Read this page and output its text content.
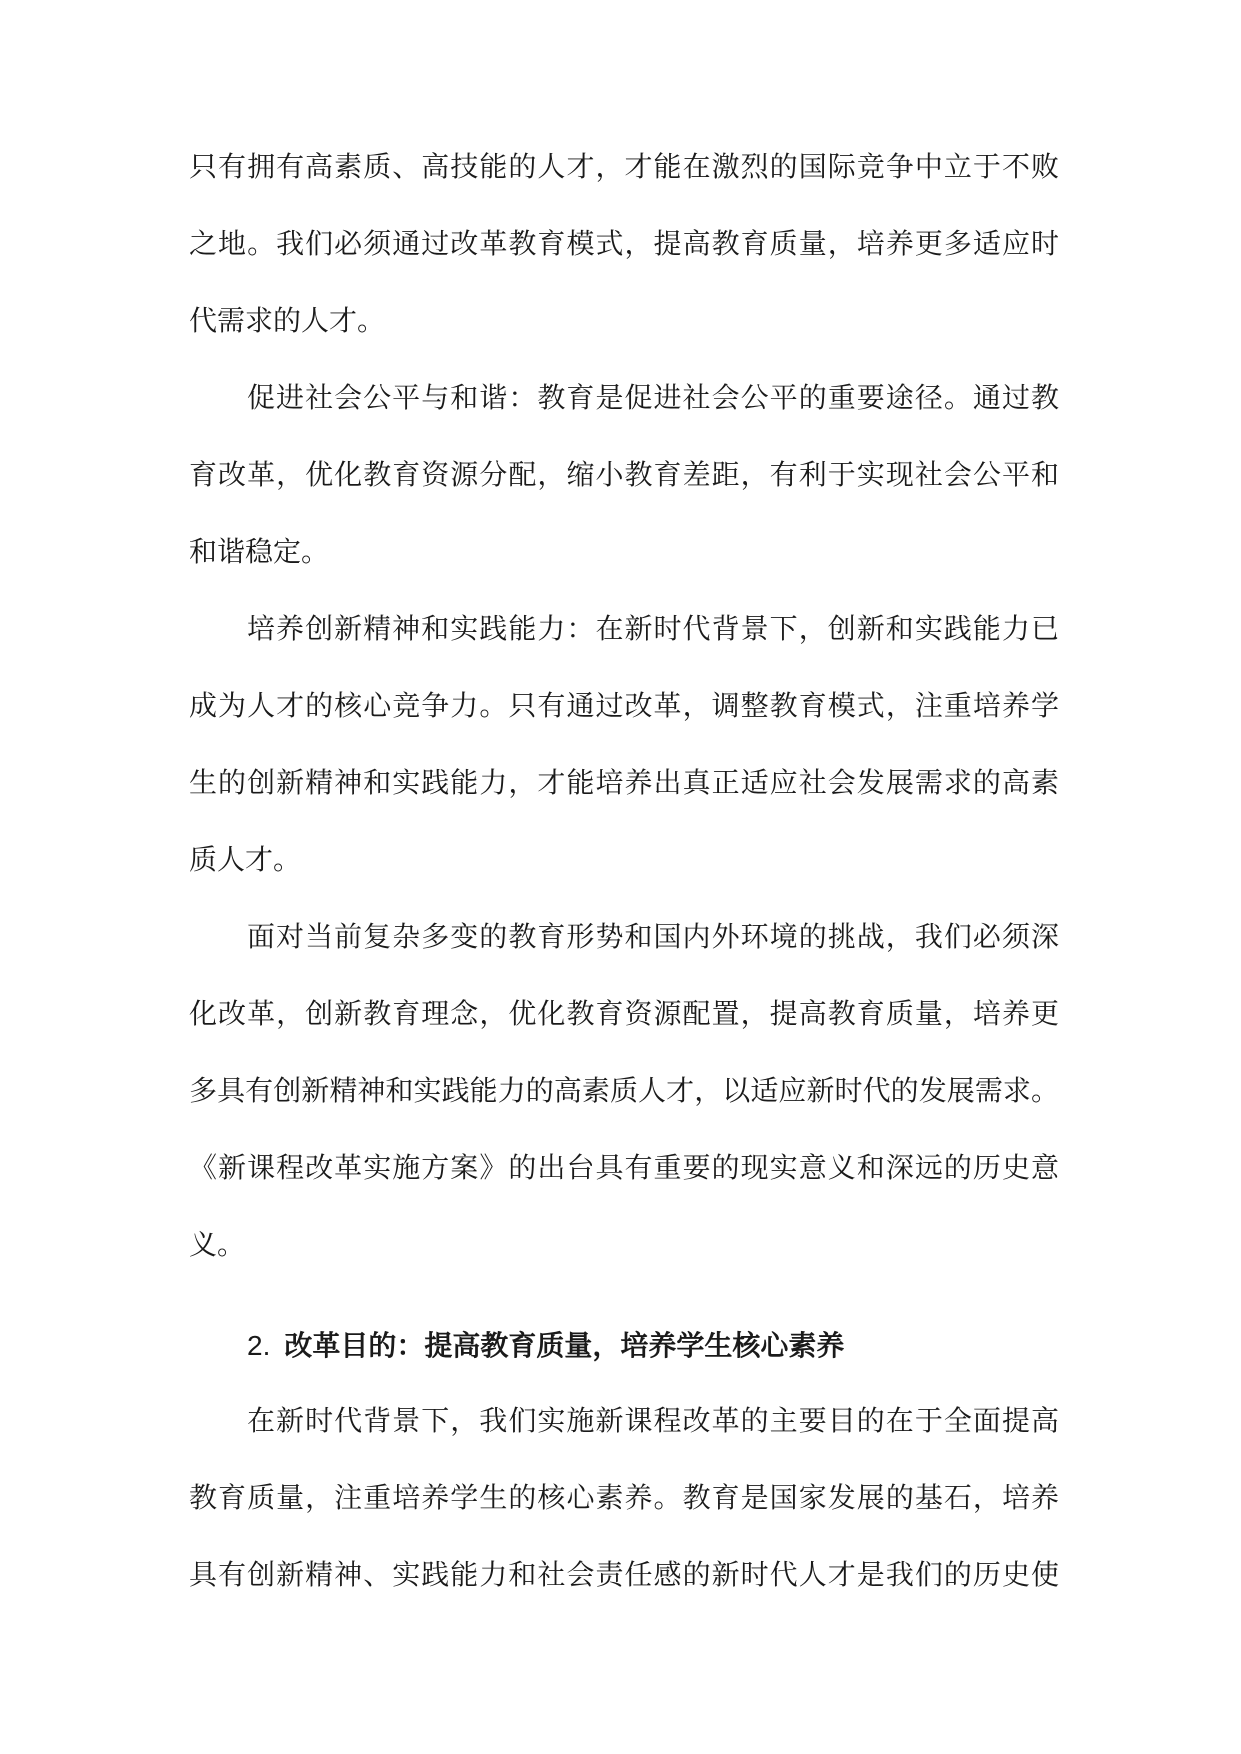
只有拥有高素质、高技能的人才，才能在激烈的国际竞争中立于不败
之地。我们必须通过改革教育模式，提高教育质量，培养更多适应时
代需求的人才。
促进社会公平与和谐：教育是促进社会公平的重要途径。通过教
育改革，优化教育资源分配，缩小教育差距，有利于实现社会公平和
和谐稳定。
培养创新精神和实践能力：在新时代背景下，创新和实践能力已
成为人才的核心竞争力。只有通过改革，调整教育模式，注重培养学
生的创新精神和实践能力，才能培养出真正适应社会发展需求的高素
质人才。
面对当前复杂多变的教育形势和国内外环境的挑战，我们必须深
化改革，创新教育理念，优化教育资源配置，提高教育质量，培养更
多具有创新精神和实践能力的高素质人才，以适应新时代的发展需求。
《新课程改革实施方案》的出台具有重要的现实意义和深远的历史意
义。
2. 改革目的：提高教育质量，培养学生核心素养
在新时代背景下，我们实施新课程改革的主要目的在于全面提高
教育质量，注重培养学生的核心素养。教育是国家发展的基石，培养
具有创新精神、实践能力和社会责任感的新时代人才是我们的历史使
